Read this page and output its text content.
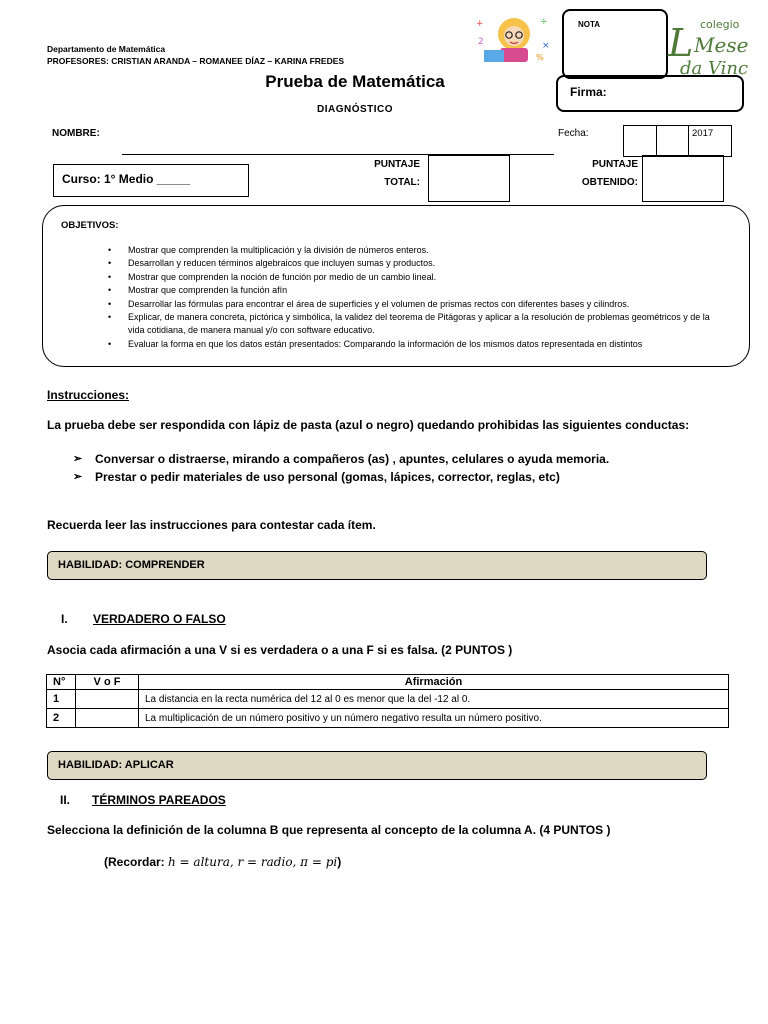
Departamento de Matemática
PROFESORES: CRISTIAN ARANDA – ROMANEE DÍAZ – KARINA FREDES
+	÷
×
2
%
NOTA	colegio
L Mese
da Vinci
Prueba de Matemática
DIAGNÓSTICO
Firma:
NOMBRE:	Fecha:
			2017
Curso: 1° Medio _____
PUNTAJE
TOTAL:
PUNTAJE
OBTENIDO:
OBJETIVOS:
• Mostrar que comprenden la multiplicación y la división de números enteros.
• Desarrollan y reducen términos algebraicos que incluyen sumas y productos.
• Mostrar que comprenden la noción de función por medio de un cambio lineal.
• Mostrar que comprenden la función afín
• Desarrollar las fórmulas para encontrar el área de superficies y el volumen de prismas rectos con diferentes bases y cilindros.
• Explicar, de manera concreta, pictórica y simbólica, la validez del teorema de Pitágoras y aplicar a la resolución de problemas geométricos y de la vida cotidiana, de manera manual y/o con software educativo.
• Evaluar la forma en que los datos están presentados: Comparando la información de los mismos datos representada en distintos
Instrucciones:
La prueba debe ser respondida con lápiz de pasta (azul o negro) quedando prohibidas las siguientes conductas:
➢ Conversar o distraerse, mirando a compañeros (as) , apuntes, celulares o ayuda memoria.
➢ Prestar o pedir materiales de uso personal (gomas, lápices, corrector, reglas, etc)
Recuerda leer las instrucciones para contestar cada ítem.
HABILIDAD: COMPRENDER
I. VERDADERO O FALSO
Asocia cada afirmación a una V si es verdadera o a una F si es falsa. (2 PUNTOS )
N°	V o F	Afirmación
1		La distancia en la recta numérica del 12 al 0 es menor que la del -12 al 0.
2		La multiplicación de un número positivo y un número negativo resulta un número positivo.
HABILIDAD: APLICAR
II. TÉRMINOS PAREADOS
Selecciona la definición de la columna B que representa al concepto de la columna A. (4 PUNTOS )
(Recordar: h = altura, r = radio, π = pi)
